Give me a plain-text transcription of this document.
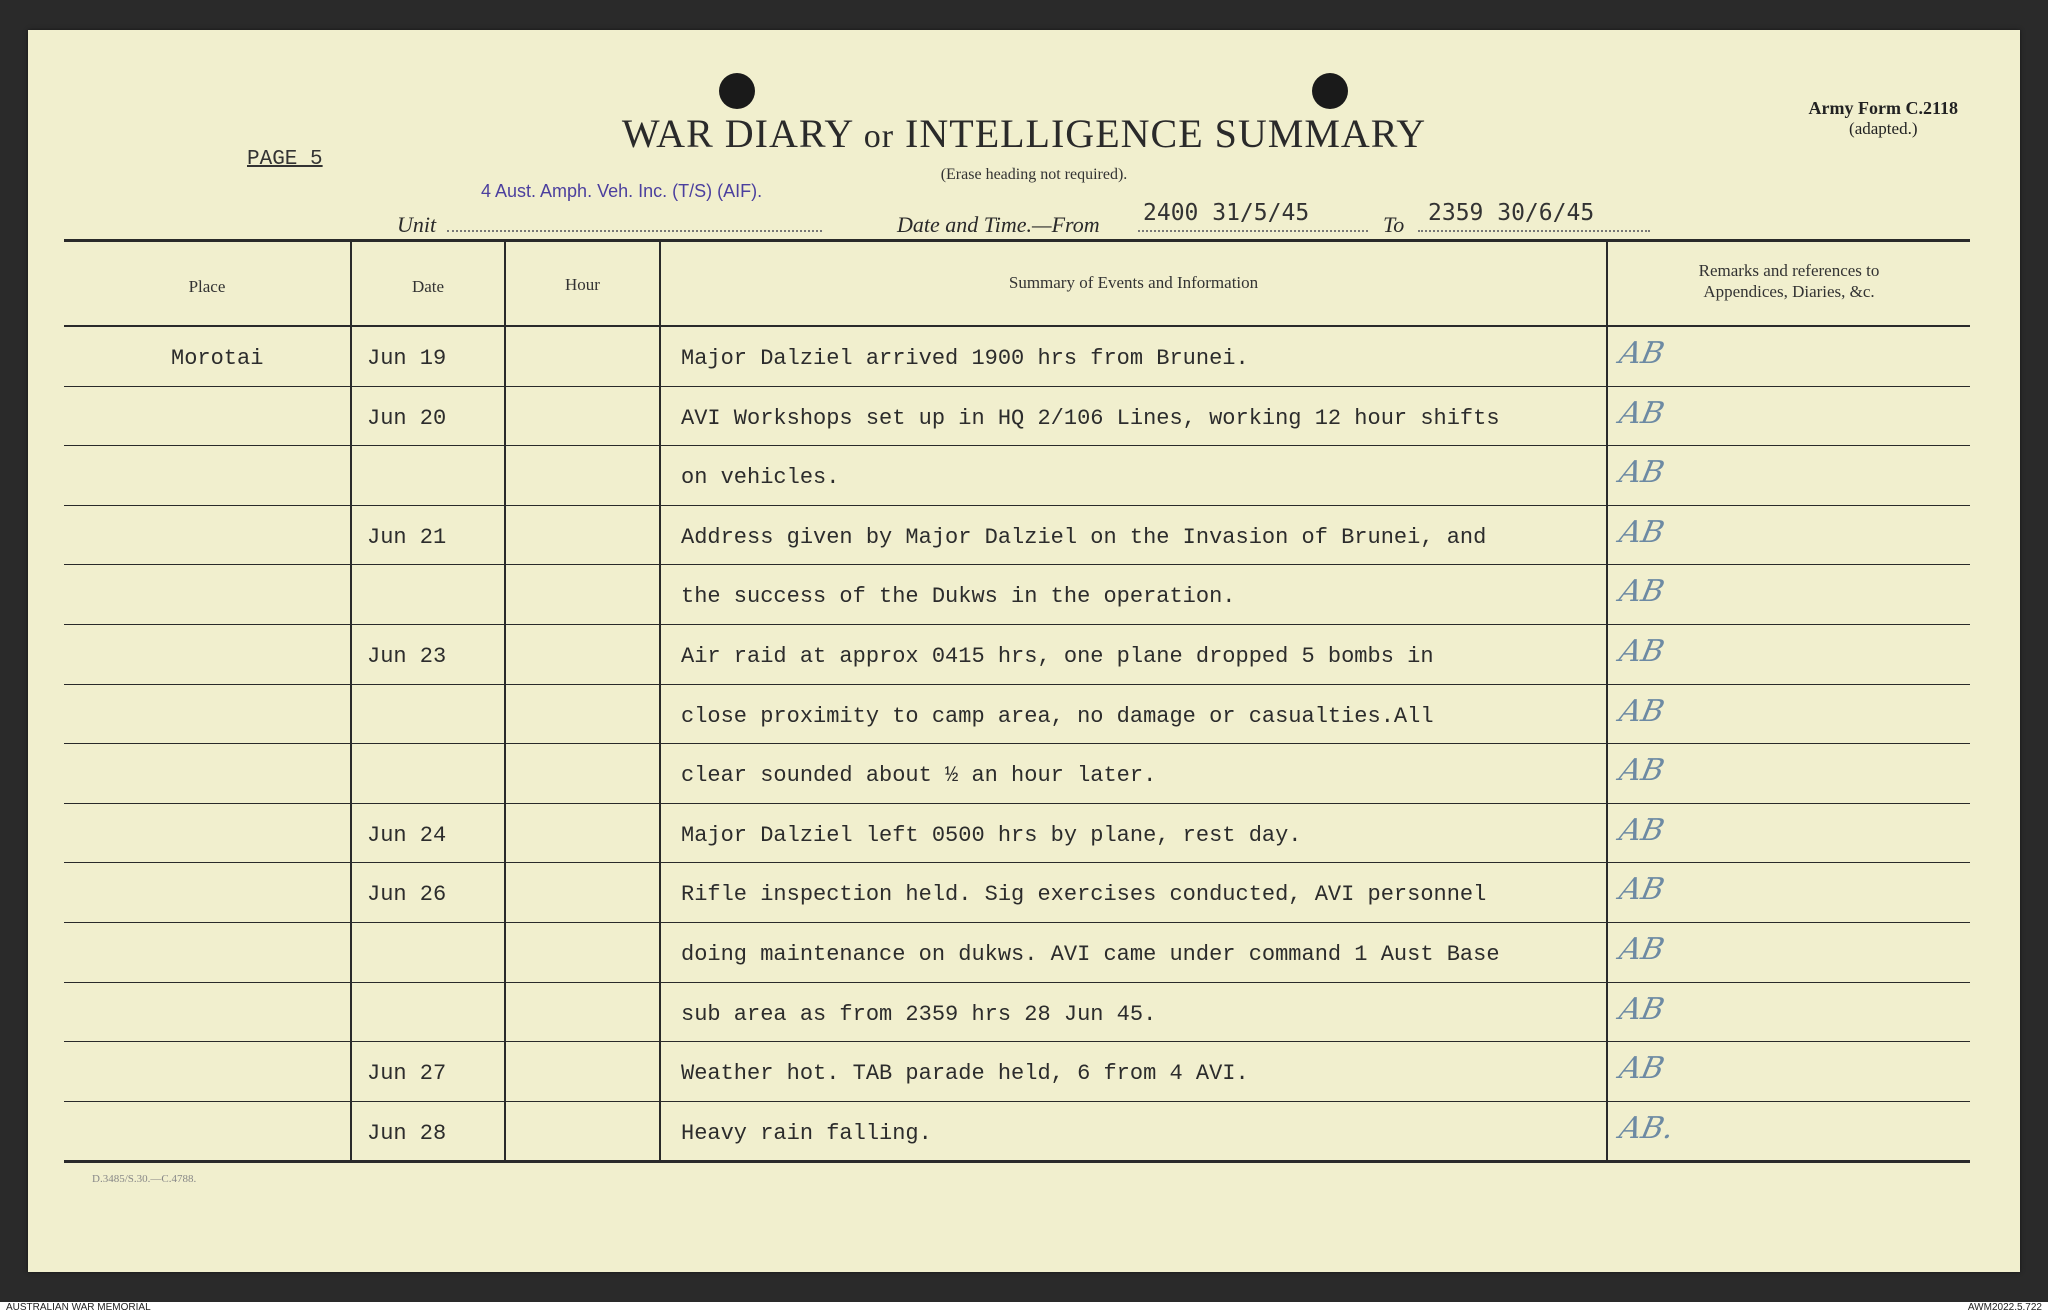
WAR DIARY or INTELLIGENCE SUMMARY
(Erase heading not required).
Army Form C.2118
(adapted.)
PAGE 5
Unit
4 Aust. Amph. Veh. Inc. (T/S) (AIF).
Date and Time.—From 2400 31/5/45	To 2359 30/6/45
Place	Date	Hour	Summary of Events and Information
Remarks and references to
Appendices, Diaries, &c.
Morotai	Jun 19	Major Dalziel arrived 1900 hrs from Brunei.	AB
Jun 20	AVI Workshops set up in HQ 2/106 Lines, working 12 hour shifts	AB
on vehicles.	AB
Jun 21	Address given by Major Dalziel on the Invasion of Brunei, and	AB
the success of the Dukws in the operation.	AB
Jun 23	Air raid at approx 0415 hrs, one plane dropped 5 bombs in	AB
close proximity to camp area, no damage or casualties.All	AB
clear sounded about ½ an hour later.	AB
Jun 24	Major Dalziel left 0500 hrs by plane, rest day.	AB
Jun 26	Rifle inspection held. Sig exercises conducted, AVI personnel	AB
doing maintenance on dukws. AVI came under command 1 Aust Base	AB
sub area as from 2359 hrs 28 Jun 45.	AB
Jun 27	Weather hot. TAB parade held, 6 from 4 AVI.	AB
Jun 28	Heavy rain falling.	AB.
D.3485/S.30.—C.4788.
AUSTRALIAN WAR MEMORIAL	AWM2022.5.722
